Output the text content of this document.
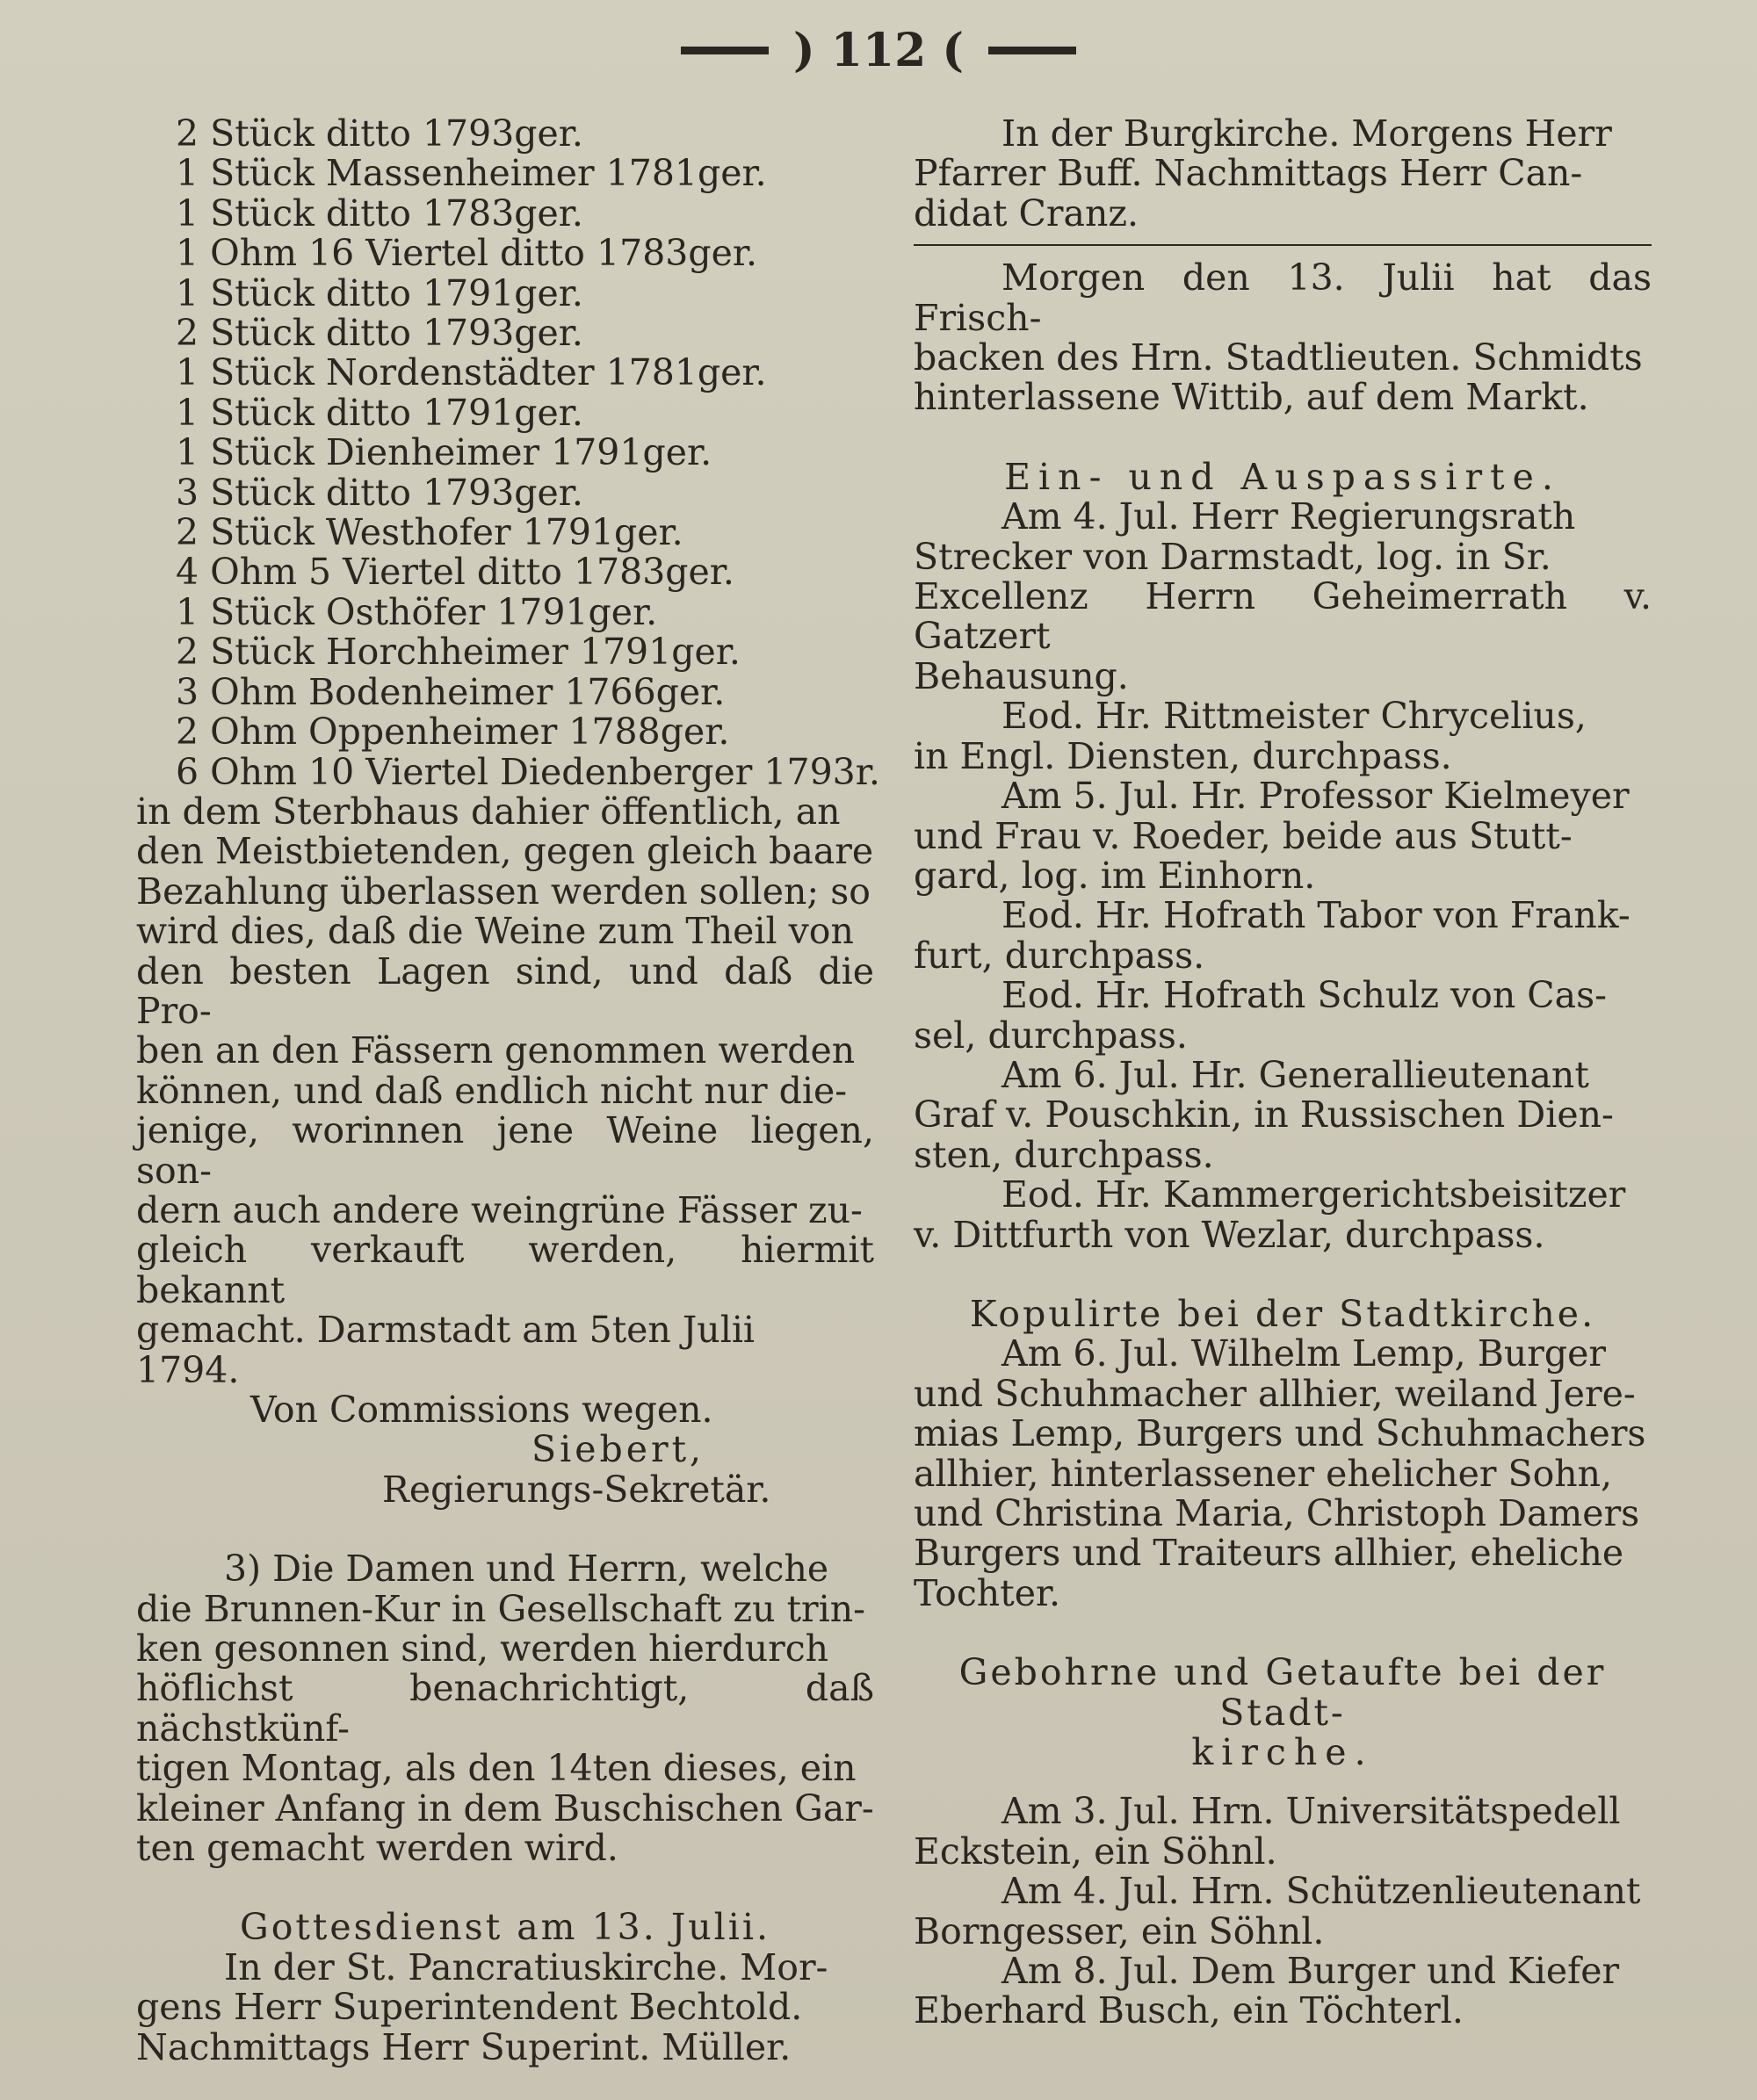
) 112 (
2 Stück ditto 1793ger.
1 Stück Massenheimer 1781ger.
1 Stück ditto 1783ger.
1 Ohm 16 Viertel ditto 1783ger.
1 Stück ditto 1791ger.
2 Stück ditto 1793ger.
1 Stück Nordenstädter 1781ger.
1 Stück ditto 1791ger.
1 Stück Dienheimer 1791ger.
3 Stück ditto 1793ger.
2 Stück Westhofer 1791ger.
4 Ohm 5 Viertel ditto 1783ger.
1 Stück Osthöfer 1791ger.
2 Stück Horchheimer 1791ger.
3 Ohm Bodenheimer 1766ger.
2 Ohm Oppenheimer 1788ger.
6 Ohm 10 Viertel Diedenberger 1793r.
in dem Sterbhaus dahier öffentlich, an
den Meistbietenden, gegen gleich baare
Bezahlung überlassen werden sollen; so
wird dies, daß die Weine zum Theil von
den besten Lagen sind, und daß die Pro-
ben an den Fässern genommen werden
können, und daß endlich nicht nur die-
jenige, worinnen jene Weine liegen, son-
dern auch andere weingrüne Fässer zu-
gleich verkauft werden, hiermit bekannt
gemacht. Darmstadt am 5ten Julii
1794.
Von Commissions wegen.
Siebert,
Regierungs-Sekretär.
3) Die Damen und Herrn, welche
die Brunnen-Kur in Gesellschaft zu trin-
ken gesonnen sind, werden hierdurch
höflichst benachrichtigt, daß nächstkünf-
tigen Montag, als den 14ten dieses, ein
kleiner Anfang in dem Buschischen Gar-
ten gemacht werden wird.
Gottesdienst am 13. Julii.
In der St. Pancratiuskirche. Mor-
gens Herr Superintendent Bechtold.
Nachmittags Herr Superint. Müller.
In der Burgkirche. Morgens Herr
Pfarrer Buff. Nachmittags Herr Can-
didat Cranz.
Morgen den 13. Julii hat das Frisch-
backen des Hrn. Stadtlieuten. Schmidts
hinterlassene Wittib, auf dem Markt.
Ein- und Auspassirte.
Am 4. Jul. Herr Regierungsrath
Strecker von Darmstadt, log. in Sr.
Excellenz Herrn Geheimerrath v. Gatzert
Behausung.
Eod. Hr. Rittmeister Chrycelius,
in Engl. Diensten, durchpass.
Am 5. Jul. Hr. Professor Kielmeyer
und Frau v. Roeder, beide aus Stutt-
gard, log. im Einhorn.
Eod. Hr. Hofrath Tabor von Frank-
furt, durchpass.
Eod. Hr. Hofrath Schulz von Cas-
sel, durchpass.
Am 6. Jul. Hr. Generallieutenant
Graf v. Pouschkin, in Russischen Dien-
sten, durchpass.
Eod. Hr. Kammergerichtsbeisitzer
v. Dittfurth von Wezlar, durchpass.
Kopulirte bei der Stadtkirche.
Am 6. Jul. Wilhelm Lemp, Burger
und Schuhmacher allhier, weiland Jere-
mias Lemp, Burgers und Schuhmachers
allhier, hinterlassener ehelicher Sohn,
und Christina Maria, Christoph Damers
Burgers und Traiteurs allhier, eheliche
Tochter.
Gebohrne und Getaufte bei der Stadt-
kirche.
Am 3. Jul. Hrn. Universitätspedell
Eckstein, ein Söhnl.
Am 4. Jul. Hrn. Schützenlieutenant
Borngesser, ein Söhnl.
Am 8. Jul. Dem Burger und Kiefer
Eberhard Busch, ein Töchterl.
